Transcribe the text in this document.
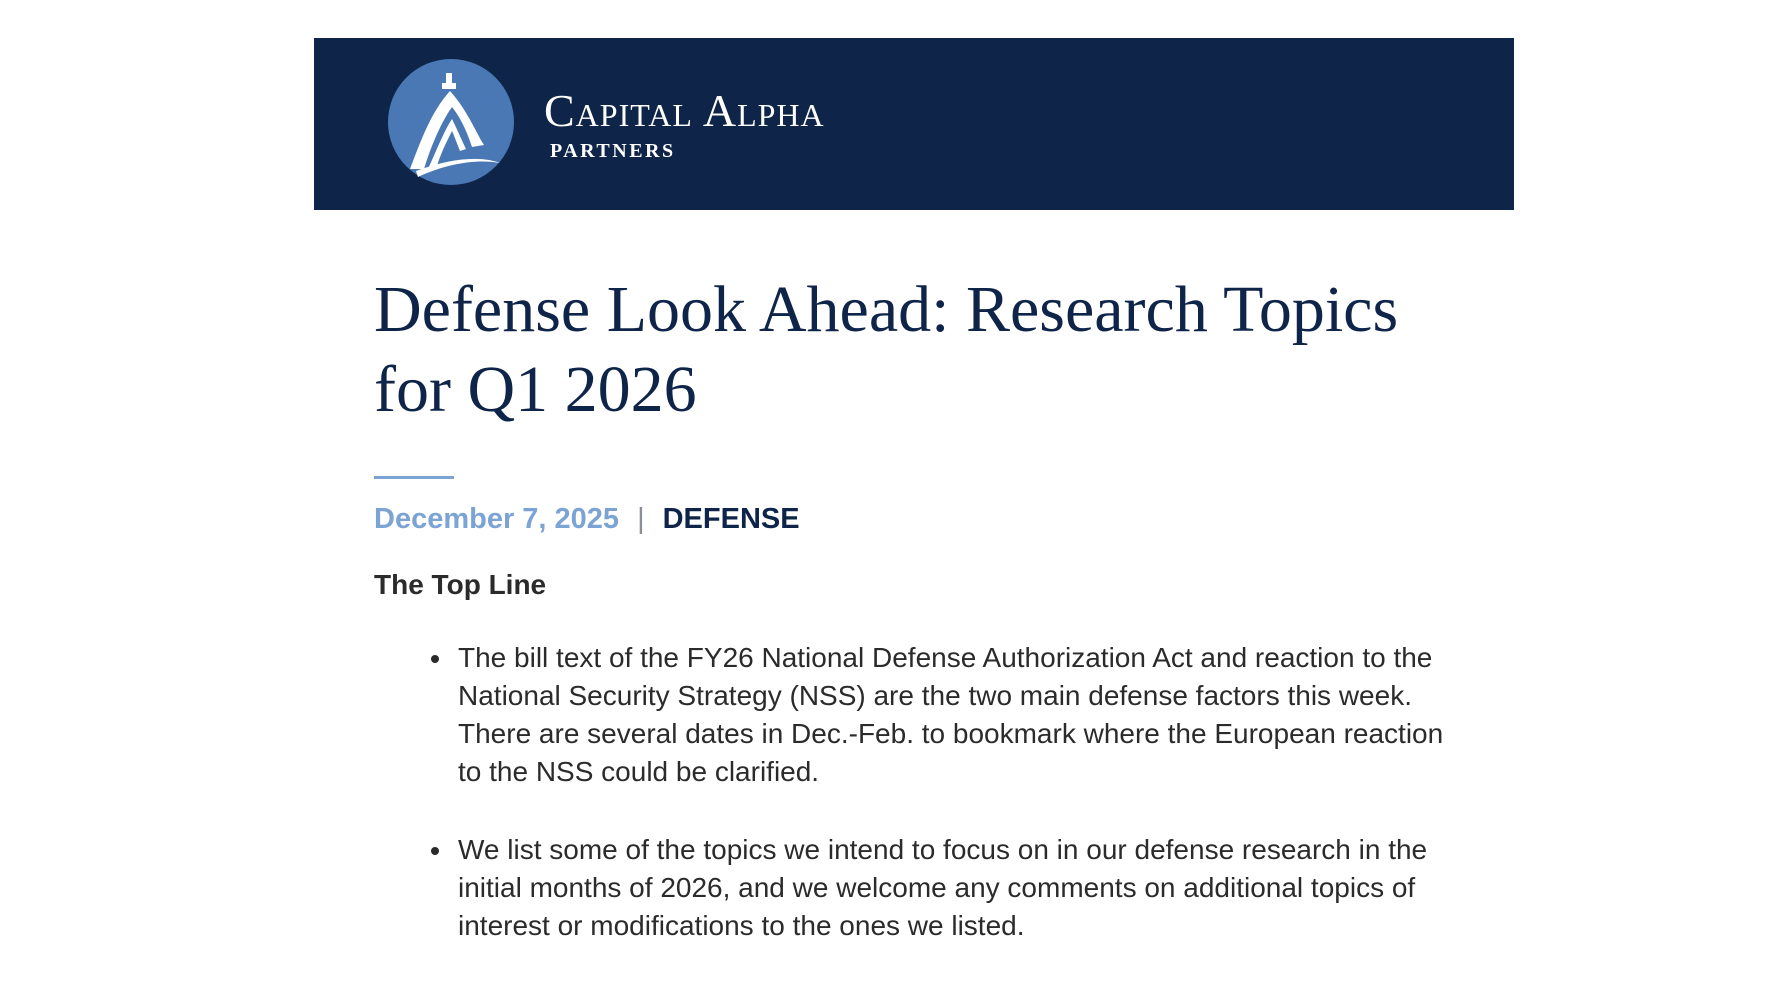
Capital Alpha
PARTNERS
Defense Look Ahead: Research Topics for Q1 2026
December 7, 2025 | DEFENSE
The Top Line
• The bill text of the FY26 National Defense Authorization Act and reaction to the National Security Strategy (NSS) are the two main defense factors this week. There are several dates in Dec.-Feb. to bookmark where the European reaction to the NSS could be clarified.
• We list some of the topics we intend to focus on in our defense research in the initial months of 2026, and we welcome any comments on additional topics of interest or modifications to the ones we listed.
